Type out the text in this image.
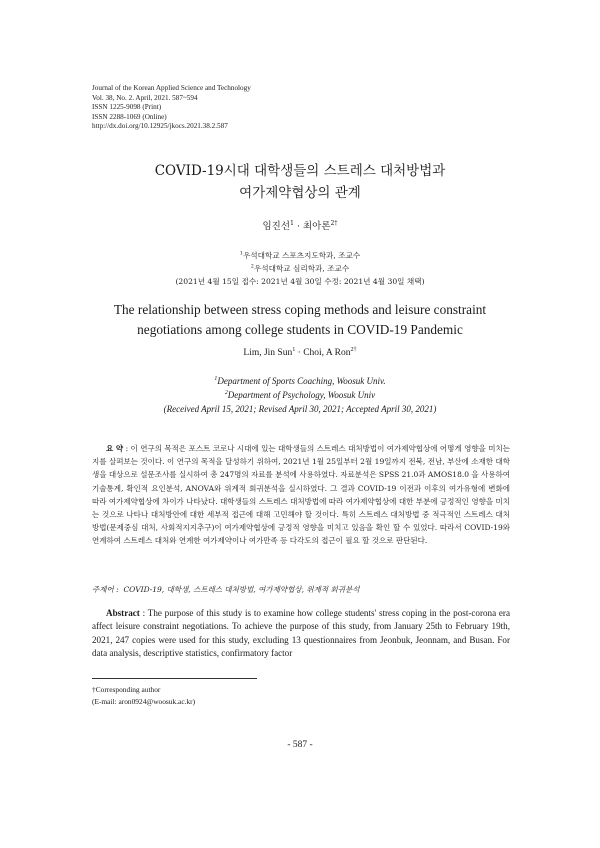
Journal of the Korean Applied Science and Technology
Vol. 38, No. 2. April, 2021. 587~594
ISSN 1225-9098 (Print)
ISSN 2288-1069 (Online)
http://dx.doi.org/10.12925/jkocs.2021.38.2.587
COVID-19시대 대학생들의 스트레스 대처방법과
여가제약협상의 관계
임진선$^1$ · 최아론$^{2\dagger}$
$^1$우석대학교 스포츠지도학과, 조교수
$^2$우석대학교 심리학과, 조교수
(2021년 4월 15일 접수: 2021년 4월 30일 수정: 2021년 4월 30일 채택)
The relationship between stress coping methods and leisure constraint
negotiations among college students in COVID-19 Pandemic
Lim, Jin Sun$^1$ · Choi, A Ron$^{2\dagger}$
$^1$Department of Sports Coaching, Woosuk Univ.
$^2$Department of Psychology, Woosuk Univ
(Received April 15, 2021; Revised April 30, 2021; Accepted April 30, 2021)
요 약 : 이 연구의 목적은 포스트 코로나 시대에 있는 대학생들의 스트레스 대처방법이 여가제약협상에 어떻게 영향을 미치는지를 살펴보는 것이다. 이 연구의 목적을 달성하기 위하여, 2021년 1월 25일부터 2월 19일까지 전북, 전남, 부산에 소재한 대학생을 대상으로 설문조사를 실시하여 총 247명의 자료를 분석에 사용하였다. 자료분석은 SPSS 21.0과 AMOS18.0 을 사용하여 기술통계, 확인적 요인분석, ANOVA와 위계적 회귀분석을 실시하였다. 그 결과 COVID-19 이전과 이후의 여가유형에 변화에 따라 여가제약협상에 차이가 나타났다. 대학생들의 스트레스 대처방법에 따라 여가제약협상에 대한 부분에 긍정적인 영향을 미치는 것으로 나타나 대처방안에 대한 세부적 접근에 대해 고민해야 할 것이다. 특히 스트레스 대처방법 중 적극적인 스트레스 대처방법(문제중심 대처, 사회적지지추구)이 여가제약협상에 긍정적 영향을 미치고 있음을 확인 할 수 있었다. 따라서 COVID-19와 연계하여 스트레스 대처와 연계한 여가제약이나 여가만족 등 다각도의 접근이 필요 할 것으로 판단된다.
주제어 : COVID-19, 대학생, 스트레스 대처방법, 여가제약협상, 위계적 회귀분석
Abstract : The purpose of this study is to examine how college students' stress coping in the post-corona era affect leisure constraint negotiations. To achieve the purpose of this study, from January 25th to February 19th, 2021, 247 copies were used for this study, excluding 13 questionnaires from Jeonbuk, Jeonnam, and Busan. For data analysis, descriptive statistics, confirmatory factor
†Corresponding author
(E-mail: aron0924@woosuk.ac.kr)
- 587 -
